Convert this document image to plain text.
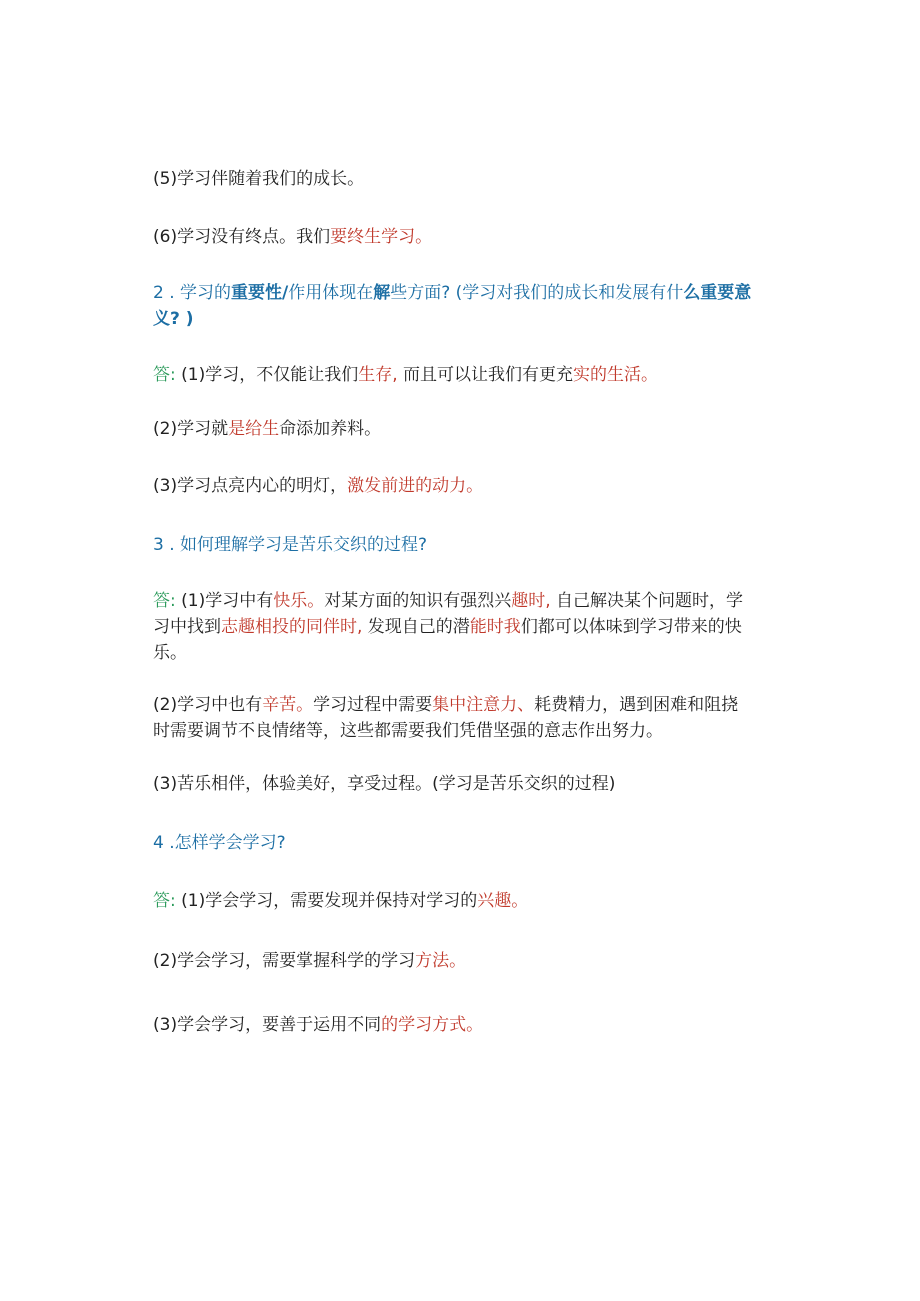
(5)学习伴随着我们的成长。
(6)学习没有终点。我们要终生学习。
2 . 学习的重要性/作用体现在解些方面? (学习对我们的成长和发展有什么重要意义? )
答: (1)学习，不仅能让我们生存, 而且可以让我们有更充实的生活。
(2)学习就是给生命添加养料。
(3)学习点亮内心的明灯，激发前进的动力。
3 . 如何理解学习是苦乐交织的过程?
答: (1)学习中有快乐。对某方面的知识有强烈兴趣时, 自己解决某个问题时，学习中找到志趣相投的同伴时, 发现自己的潜能时我们都可以体味到学习带来的快乐。
(2)学习中也有辛苦。学习过程中需要集中注意力、耗费精力，遇到困难和阻挠时需要调节不良情绪等，这些都需要我们凭借坚强的意志作出努力。
(3)苦乐相伴，体验美好，享受过程。(学习是苦乐交织的过程)
4 .怎样学会学习?
答: (1)学会学习，需要发现并保持对学习的兴趣。
(2)学会学习，需要掌握科学的学习方法。
(3)学会学习，要善于运用不同的学习方式。
